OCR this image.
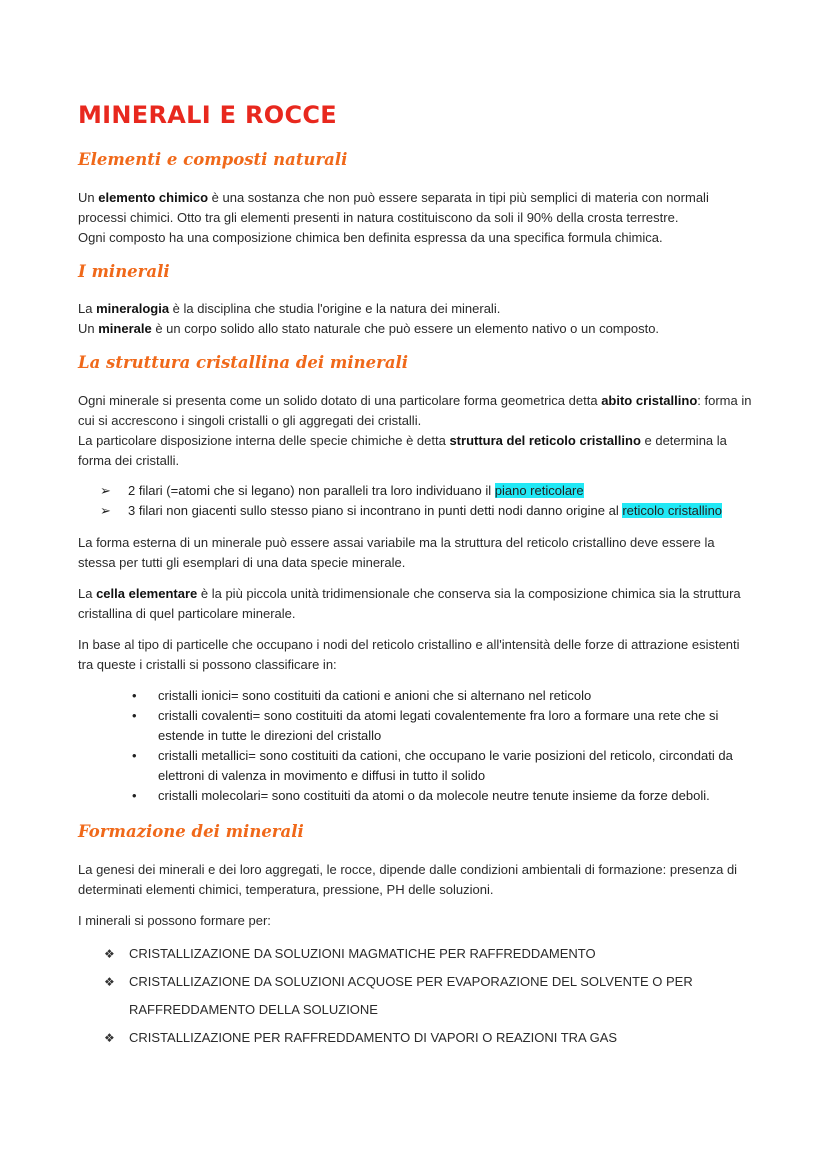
MINERALI E ROCCE
Elementi e composti naturali
Un elemento chimico è una sostanza che non può essere separata in tipi più semplici di materia con normali processi chimici. Otto tra gli elementi presenti in natura costituiscono da soli il 90% della crosta terrestre.
Ogni composto ha una composizione chimica ben definita espressa da una specifica formula chimica.
I minerali
La mineralogia è la disciplina che studia l'origine e la natura dei minerali.
Un minerale è un corpo solido allo stato naturale che può essere un elemento nativo o un composto.
La struttura cristallina dei minerali
Ogni minerale si presenta come un solido dotato di una particolare forma geometrica detta abito cristallino: forma in cui si accrescono i singoli cristalli o gli aggregati dei cristalli.
La particolare disposizione interna delle specie chimiche è detta struttura del reticolo cristallino e determina la forma dei cristalli.
➢ 2 filari (=atomi che si legano) non paralleli tra loro individuano il piano reticolare
➢ 3 filari non giacenti sullo stesso piano si incontrano in punti detti nodi danno origine al reticolo cristallino

La forma esterna di un minerale può essere assai variabile ma la struttura del reticolo cristallino deve essere la stessa per tutti gli esemplari di una data specie minerale.

La cella elementare è la più piccola unità tridimensionale che conserva sia la composizione chimica sia la struttura cristallina di quel particolare minerale.

In base al tipo di particelle che occupano i nodi del reticolo cristallino e all'intensità delle forze di attrazione esistenti tra queste i cristalli si possono classificare in:

• cristalli ionici= sono costituiti da cationi e anioni che si alternano nel reticolo
• cristalli covalenti= sono costituiti da atomi legati covalentemente fra loro a formare una rete che si estende in tutte le direzioni del cristallo
• cristalli metallici= sono costituiti da cationi, che occupano le varie posizioni del reticolo, circondati da elettroni di valenza in movimento e diffusi in tutto il solido
• cristalli molecolari= sono costituiti da atomi o da molecole neutre tenute insieme da forze deboli.
Formazione dei minerali

La genesi dei minerali e dei loro aggregati, le rocce, dipende dalle condizioni ambientali di formazione: presenza di determinati elementi chimici, temperatura, pressione, PH delle soluzioni.

I minerali si possono formare per:

❖ CRISTALLIZAZIONE DA SOLUZIONI MAGMATICHE PER RAFFREDDAMENTO
❖ CRISTALLIZAZIONE DA SOLUZIONI ACQUOSE PER EVAPORAZIONE DEL SOLVENTE O PER RAFFREDDAMENTO DELLA SOLUZIONE
❖ CRISTALLIZAZIONE PER RAFFREDDAMENTO DI VAPORI O REAZIONI TRA GAS
